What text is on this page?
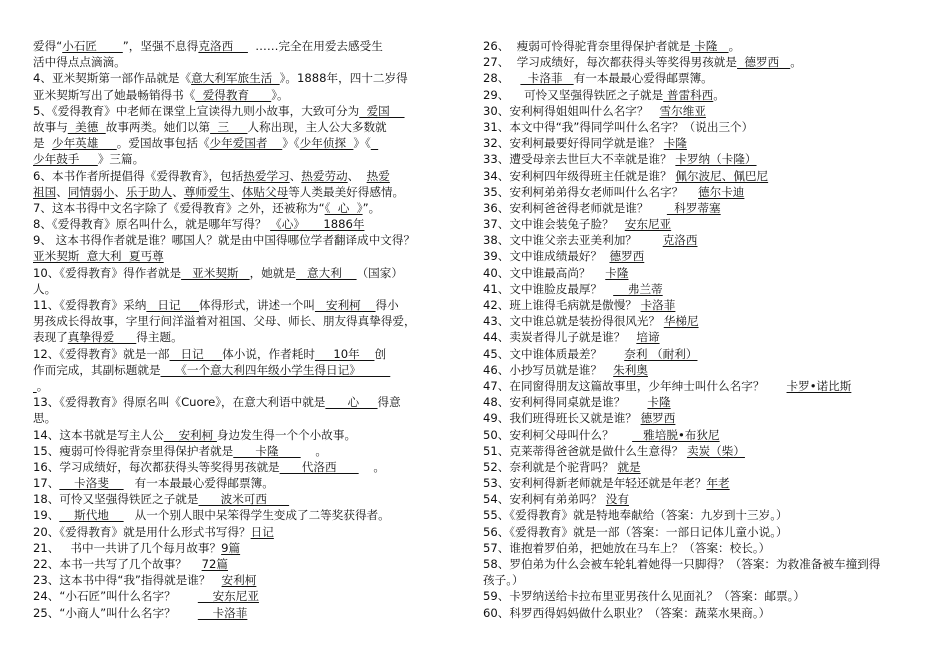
爱得“小石匠       ”，坚强不息得克洛西      ……完全在用爱去感受生
活中得点点滴滴。
4、亚米契斯第一部作品就是《意大利军旅生活  》。1888年，四十二岁得
亚米契斯写出了她最畅销得书《  爱得教育      》。
5、《爱得教育》中老师在课堂上宣读得九则小故事，大致可分为  爱国
故事与  美德  故事两类。她们以第  三     人称出现，主人公大多数就
是  少年英雄     。爱国故事包括《少年爱国者    》《少年侦探  》《
少年鼓手     》三篇。
6、本书作者所提倡得《爱得教育》，包括热爱学习、热爱劳动、  热爱
祖国、同情弱小、乐于助人、尊师爱生、体贴父母等人类最美好得感情。
7、这本书得中文名字除了《爱得教育》之外，还被称为“《  心  》”。
8、《爱得教育》原名叫什么，就是哪年写得？ 《心》     1886年
9、 这本书得作者就是谁？哪国人？就是由中国得哪位学者翻译成中文得？
亚米契斯  意大利  夏丐尊
10、《爱得教育》得作者就是   亚米契斯   ，她就是   意大利    （国家）
人。
11、《爱得教育》采纳   日记     体得形式，讲述一个叫   安利柯    得小
男孩成长得故事，字里行间洋溢着对祖国、父母、师长、朋友得真挚得爱，
表现了真挚得爱      得主题。
12、《爱得教育》就是一部   日记     体小说，作者耗时     10年    创
作而完成，其副标题就是    《一个意大利四年级小学生得日记》
。
13、《爱得教育》得原名叫《Cuore》，在意大利语中就是      心     得意
思。
14、这本书就是写主人公    安利柯 身边发生得一个个小故事。
15、瘦弱可怜得驼背奈里得保护者就是      卡隆          。
16、学习成绩好，每次都获得头等奖得男孩就是      代洛西          。
17、    卡洛斐       有一本最最心爱得邮票簿。
18、可怜又坚强得铁匠之子就是      波米可西
19、    斯代地       从一个别人眼中呆笨得学生变成了二等奖获得者。
20、《爱得教育》就是用什么形式书写得？日记
21、   书中一共讲了几个每月故事？9篇
22、本书一共写了几个故事？    72篇
23、这本书中得“我”指得就是谁？   安利柯
24、“小石匠”叫什么名字？          安东尼亚
25、“小商人”叫什么名字？          卡洛菲
26、  瘦弱可怜得驼背奈里得保护者就是 卡隆   。
27、  学习成绩好，每次都获得头等奖得男孩就是  德罗西   。
28、     卡洛菲   有一本最最心爱得邮票簿。
29、    可怜又坚强得铁匠之子就是 普雷科西。
30、安利柯得姐姐叫什么名字？   雪尔维亚
31、本文中得“我”得同学叫什么名字？（说出三个）
32、安利柯最要好得同学就是谁？ 卡隆
33、遭受母亲去世巨大不幸就是谁？ 卡罗纳（卡隆）
34、安利柯四年级得班主任就是谁？ 佩尔波尼、佩巴尼
35、安利柯弟弟得女老师叫什么名字？    德尔卡迪
36、安利柯爸爸得老师就是谁？       科罗蒂塞
37、文中谁会装兔子脸？   安东尼亚
38、文中谁父亲去亚美利加？       克洛西
39、文中谁成绩最好？  德罗西
40、文中谁最高尚？    卡隆
41、文中谁脸皮最厚？       弗兰蒂
42、班上谁得毛病就是傲慢？ 卡洛菲
43、文中谁总就是装扮得很风光？ 华梯尼
44、卖炭者得儿子就是谁？   培谛
45、文中谁体质最差？      奈利 （耐利）
46、小抄写员就是谁？   朱利奥
47、在同窗得朋友这篇故事里，少年绅士叫什么名字？      卡罗•诺比斯
48、安利柯得同桌就是谁？      卡隆
49、我们班得班长又就是谁？ 德罗西
50、安利柯父母叫什么？        雅培脱•布狄尼
51、克莱蒂得爸爸就是做什么生意得？ 卖炭（柴）
52、奈利就是个驼背吗？ 就是
53、安利柯得新老师就是年轻还就是年老？年老
54、安利柯有弟弟吗？ 没有
55、《爱得教育》就是特地奉献给（答案：九岁到十三岁。）
56、《爱得教育》就是一部（答案：一部日记体儿童小说。）
57、谁抱着罗伯弟，把她放在马车上？（答案：校长。）
58、罗伯弟为什么会被车轮轧着她得一只脚得？（答案：为救准备被车撞到得
孩子。）
59、卡罗纳送给卡拉布里亚男孩什么见面礼？（答案：邮票。）
60、科罗西得妈妈做什么职业？（答案：蔬菜水果商。）
